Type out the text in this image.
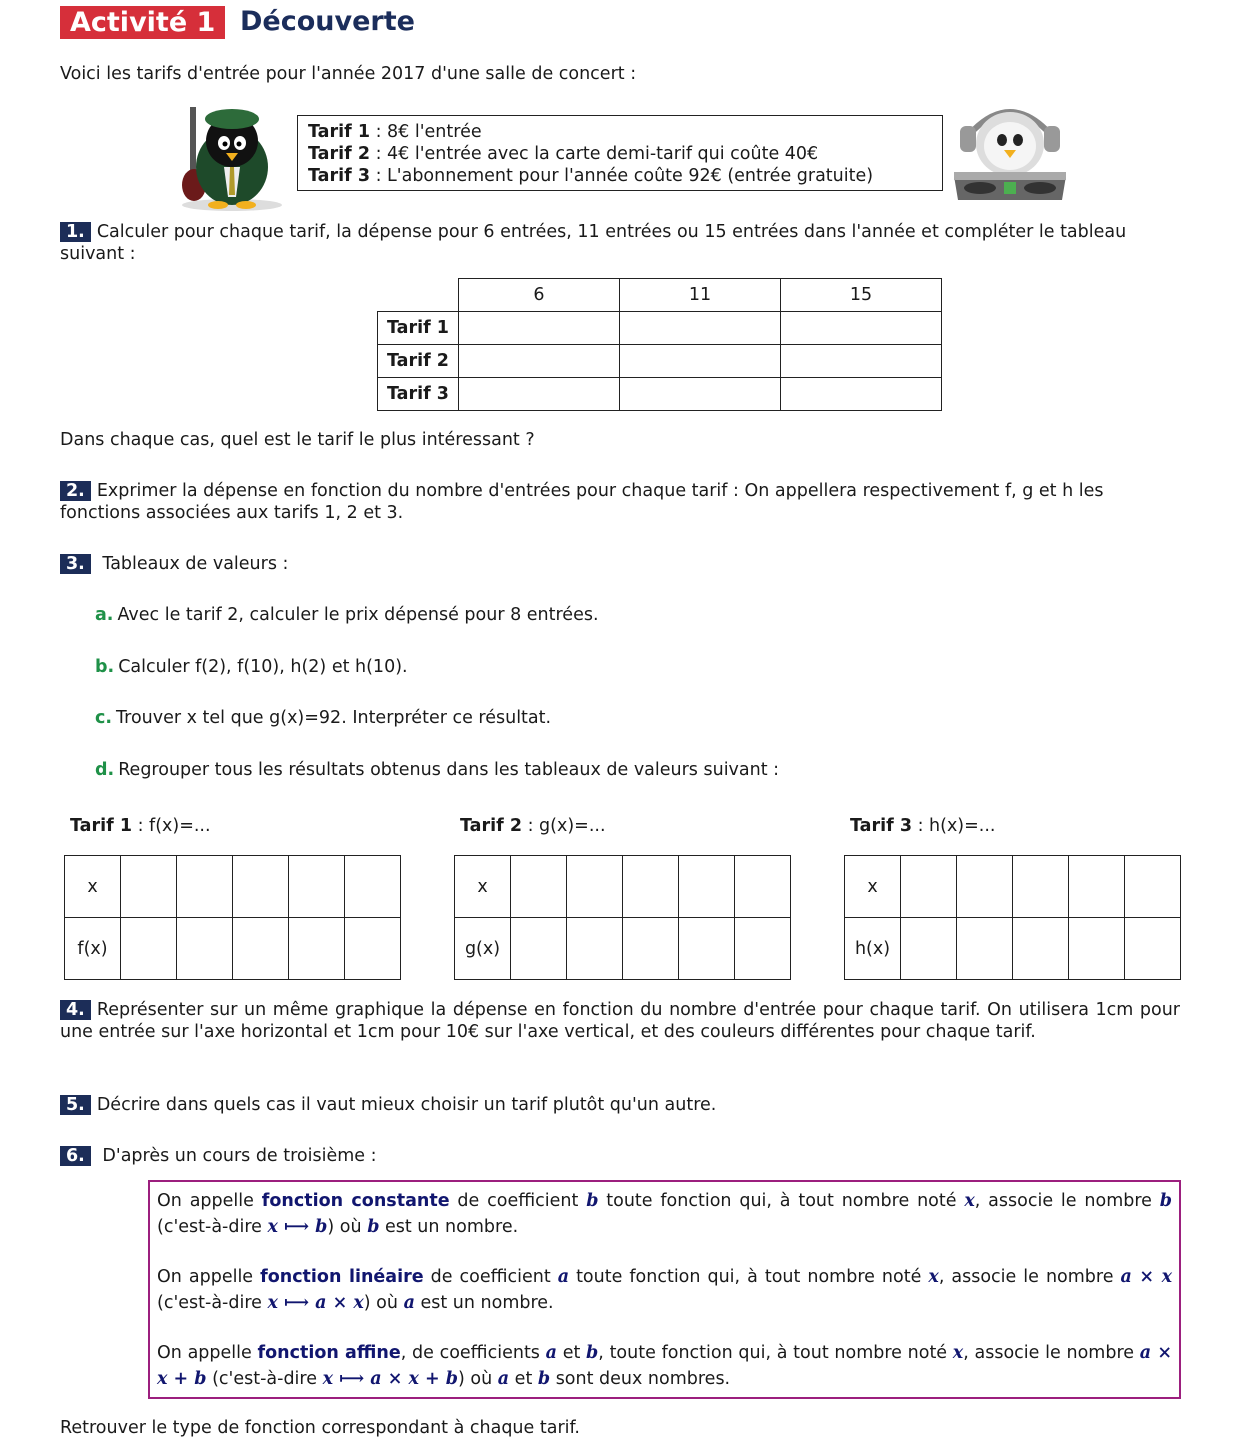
Activité 1 Découverte
Voici les tarifs d'entrée pour l'année 2017 d'une salle de concert :
Tarif 1 : 8€ l'entrée
Tarif 2 : 4€ l'entrée avec la carte demi-tarif qui coûte 40€
Tarif 3 : L'abonnement pour l'année coûte 92€ (entrée gratuite)
1. Calculer pour chaque tarif, la dépense pour 6 entrées, 11 entrées ou 15 entrées dans l'année et compléter le tableau suivant :
	6	11	15
Tarif 1			
Tarif 2			
Tarif 3			
Dans chaque cas, quel est le tarif le plus intéressant ?
2. Exprimer la dépense en fonction du nombre d'entrées pour chaque tarif : On appellera respectivement f, g et h les fonctions associées aux tarifs 1, 2 et 3.
3. Tableaux de valeurs :
a. Avec le tarif 2, calculer le prix dépensé pour 8 entrées.
b. Calculer f(2), f(10), h(2) et h(10).
c. Trouver x tel que g(x)=92. Interpréter ce résultat.
d. Regrouper tous les résultats obtenus dans les tableaux de valeurs suivant :
Tarif 1 : f(x)=...	Tarif 2 : g(x)=...	Tarif 3 : h(x)=...
x					
f(x)					
x					
g(x)					
x					
h(x)					
4. Représenter sur un même graphique la dépense en fonction du nombre d'entrée pour chaque tarif. On utilisera 1cm pour une entrée sur l'axe horizontal et 1cm pour 10€ sur l'axe vertical, et des couleurs différentes pour chaque tarif.
5. Décrire dans quels cas il vaut mieux choisir un tarif plutôt qu'un autre.
6. D'après un cours de troisième :

On appelle fonction constante de coefficient b toute fonction qui, à tout nombre noté x, associe le nombre b (c'est-à-dire x ⟼ b) où b est un nombre.

On appelle fonction linéaire de coefficient a toute fonction qui, à tout nombre noté x, associe le nombre a × x (c'est-à-dire x ⟼ a × x) où a est un nombre.

On appelle fonction affine, de coefficients a et b, toute fonction qui, à tout nombre noté x, associe le nombre a × x + b (c'est-à-dire x ⟼ a × x + b) où a et b sont deux nombres.

Retrouver le type de fonction correspondant à chaque tarif.
